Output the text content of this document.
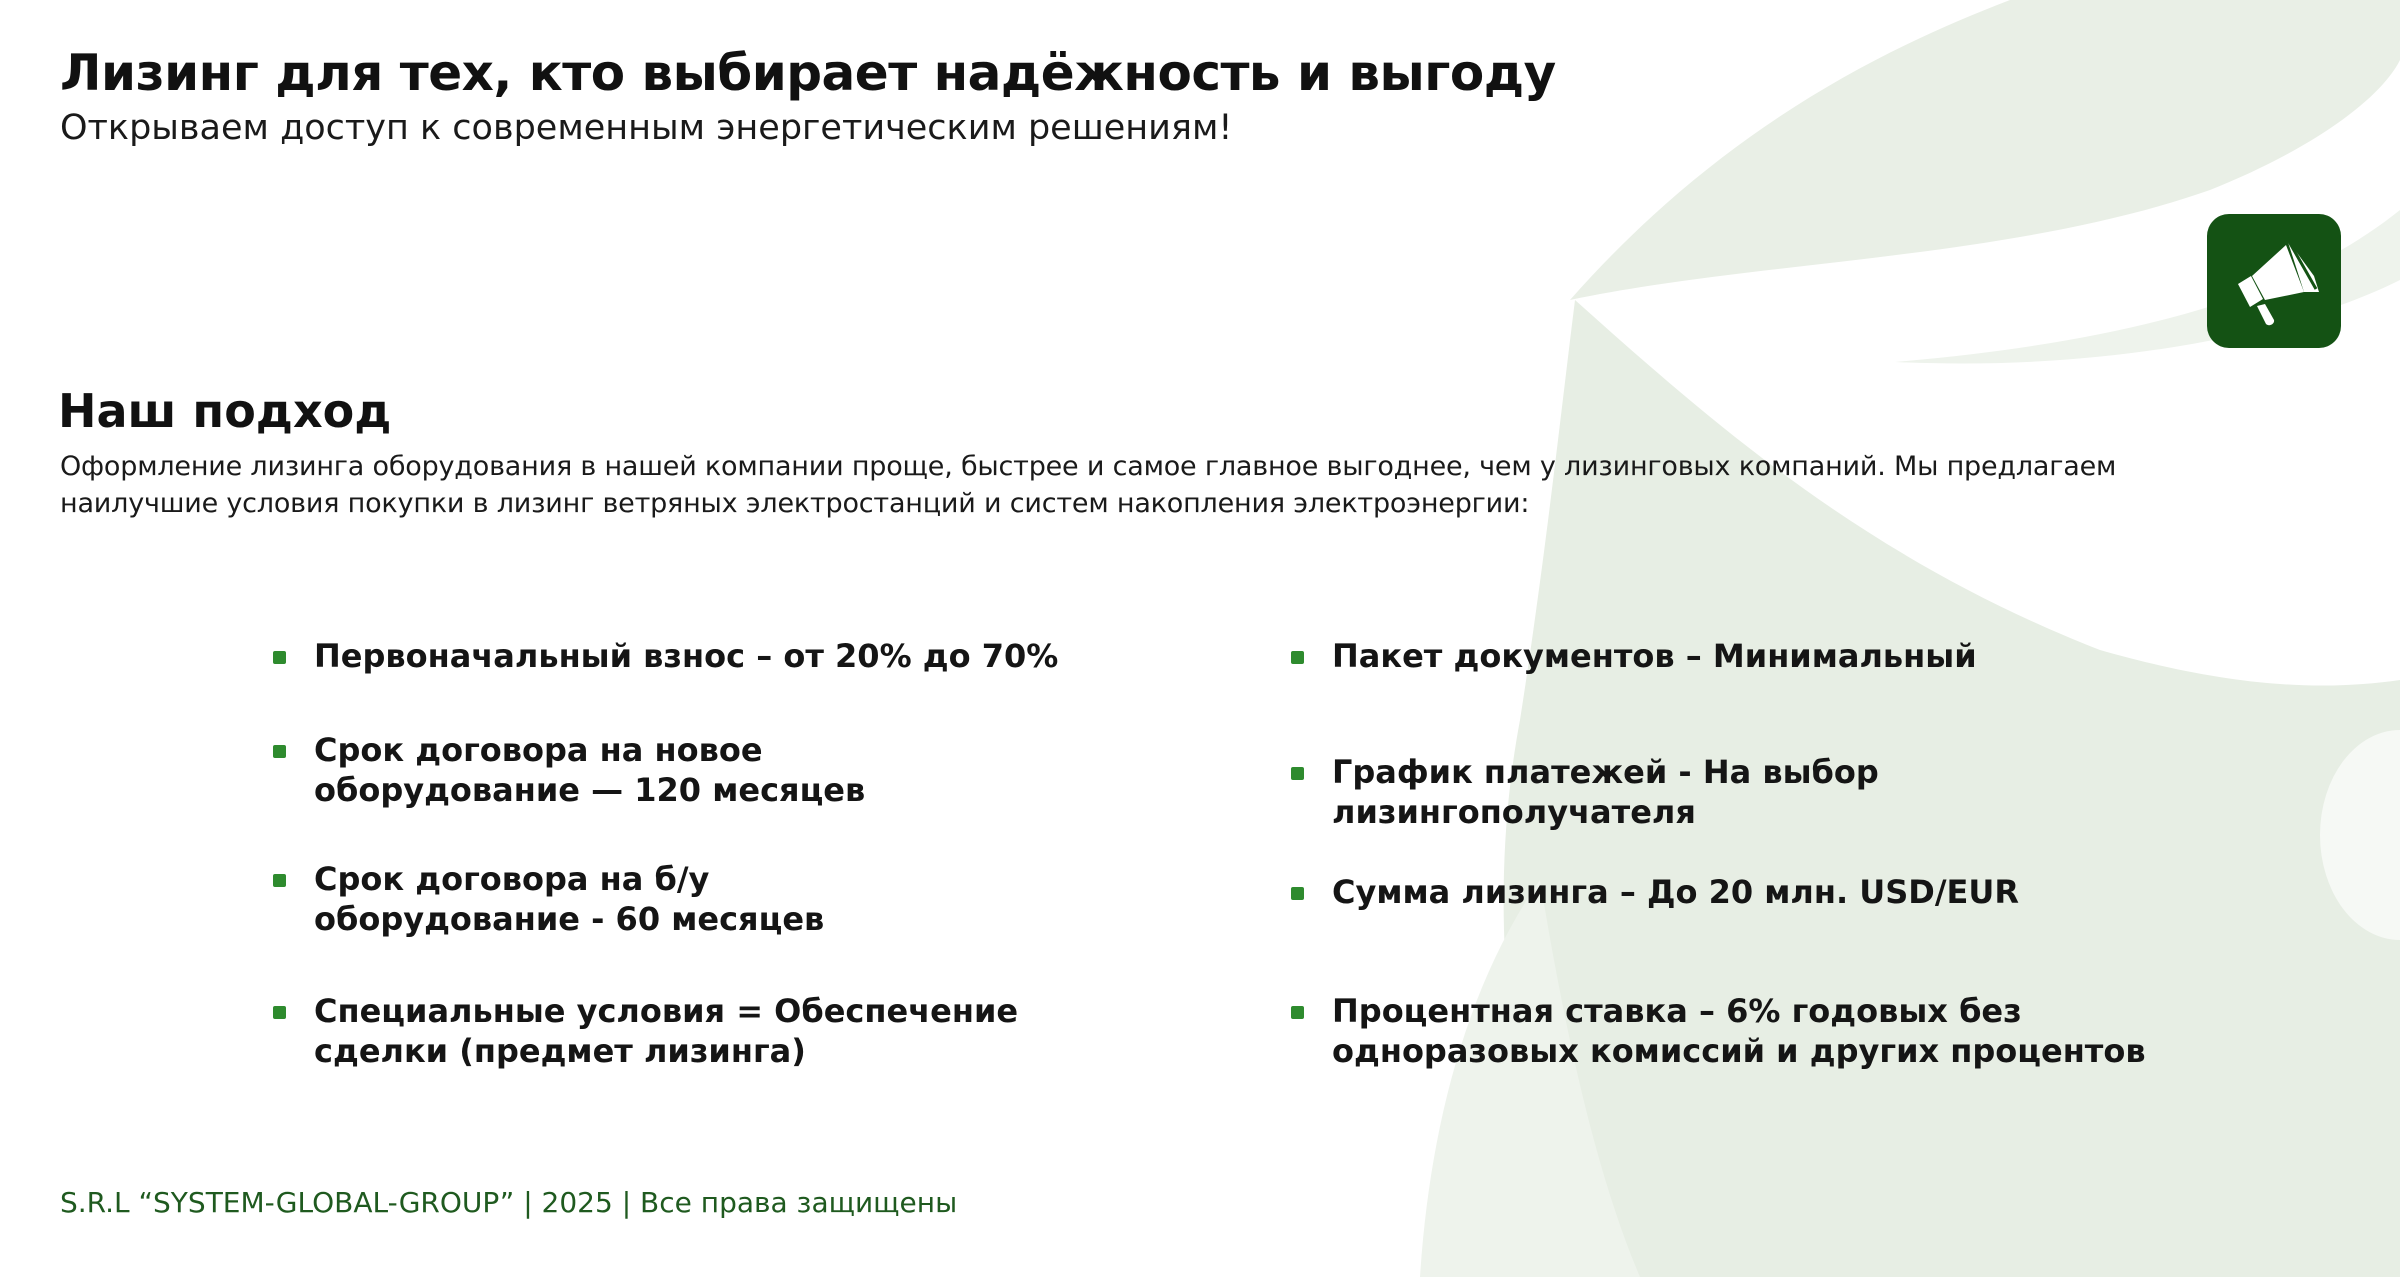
Лизинг для тех, кто выбирает надёжность и выгоду

Открываем доступ к современным энергетическим решениям!

Наш подход

Оформление лизинга оборудования в нашей компании проще, быстрее и самое главное выгоднее, чем у лизинговых компаний. Мы предлагаем
наилучшие условия покупки в лизинг ветряных электростанций и систем накопления электроэнергии:

Первоначальный взнос – от 20% до 70%
Срок договора на новое
оборудование — 120 месяцев
Срок договора на б/у
оборудование - 60 месяцев
Специальные условия = Обеспечение
сделки (предмет лизинга)
Пакет документов – Минимальный
График платежей - На выбор
лизингополучателя
Сумма лизинга – До 20 млн. USD/EUR
Процентная ставка – 6% годовых без
одноразовых комиссий и других процентов

S.R.L “SYSTEM-GLOBAL-GROUP” | 2025 | Все права защищены
